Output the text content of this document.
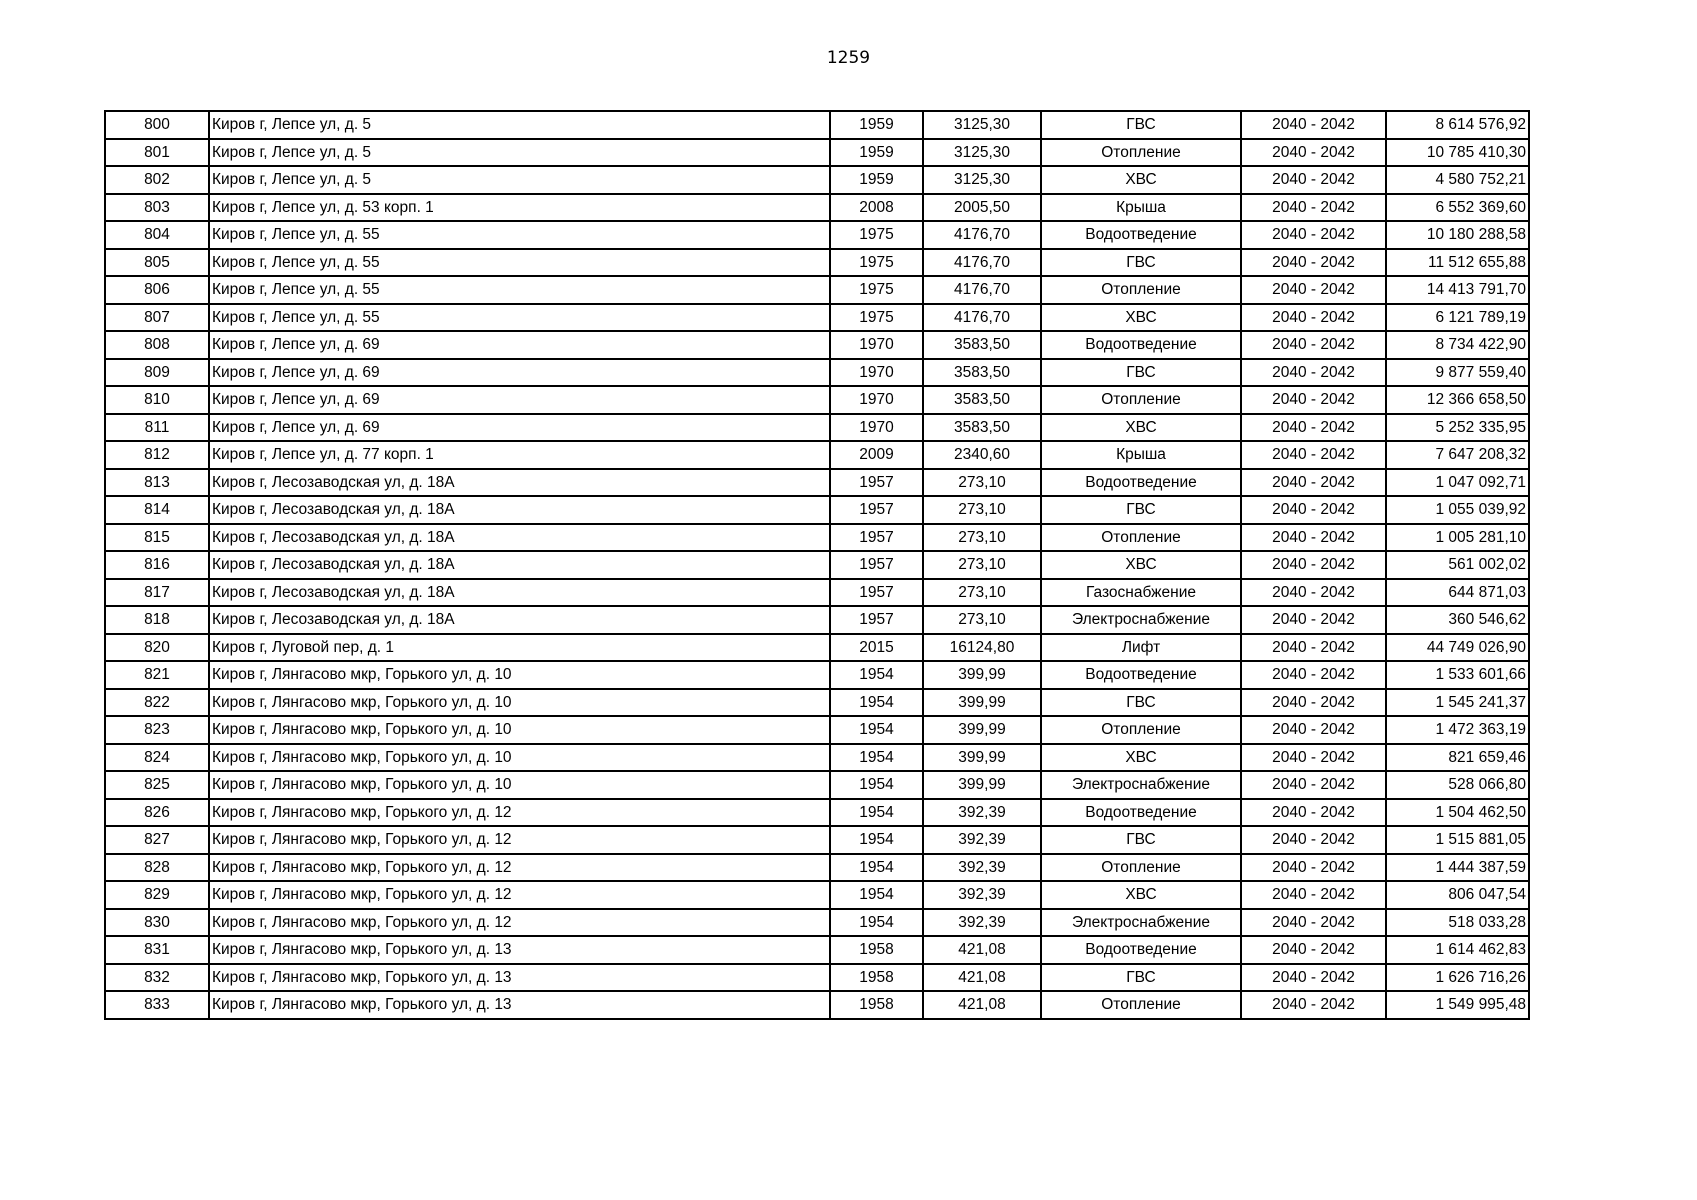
1259
800	Киров г, Лепсе ул, д. 5	1959	3125,30	ГВС	2040 - 2042	8 614 576,92
801	Киров г, Лепсе ул, д. 5	1959	3125,30	Отопление	2040 - 2042	10 785 410,30
802	Киров г, Лепсе ул, д. 5	1959	3125,30	ХВС	2040 - 2042	4 580 752,21
803	Киров г, Лепсе ул, д. 53 корп. 1	2008	2005,50	Крыша	2040 - 2042	6 552 369,60
804	Киров г, Лепсе ул, д. 55	1975	4176,70	Водоотведение	2040 - 2042	10 180 288,58
805	Киров г, Лепсе ул, д. 55	1975	4176,70	ГВС	2040 - 2042	11 512 655,88
806	Киров г, Лепсе ул, д. 55	1975	4176,70	Отопление	2040 - 2042	14 413 791,70
807	Киров г, Лепсе ул, д. 55	1975	4176,70	ХВС	2040 - 2042	6 121 789,19
808	Киров г, Лепсе ул, д. 69	1970	3583,50	Водоотведение	2040 - 2042	8 734 422,90
809	Киров г, Лепсе ул, д. 69	1970	3583,50	ГВС	2040 - 2042	9 877 559,40
810	Киров г, Лепсе ул, д. 69	1970	3583,50	Отопление	2040 - 2042	12 366 658,50
811	Киров г, Лепсе ул, д. 69	1970	3583,50	ХВС	2040 - 2042	5 252 335,95
812	Киров г, Лепсе ул, д. 77 корп. 1	2009	2340,60	Крыша	2040 - 2042	7 647 208,32
813	Киров г, Лесозаводская ул, д. 18А	1957	273,10	Водоотведение	2040 - 2042	1 047 092,71
814	Киров г, Лесозаводская ул, д. 18А	1957	273,10	ГВС	2040 - 2042	1 055 039,92
815	Киров г, Лесозаводская ул, д. 18А	1957	273,10	Отопление	2040 - 2042	1 005 281,10
816	Киров г, Лесозаводская ул, д. 18А	1957	273,10	ХВС	2040 - 2042	561 002,02
817	Киров г, Лесозаводская ул, д. 18А	1957	273,10	Газоснабжение	2040 - 2042	644 871,03
818	Киров г, Лесозаводская ул, д. 18А	1957	273,10	Электроснабжение	2040 - 2042	360 546,62
820	Киров г, Луговой пер, д. 1	2015	16124,80	Лифт	2040 - 2042	44 749 026,90
821	Киров г, Лянгасово мкр, Горького ул, д. 10	1954	399,99	Водоотведение	2040 - 2042	1 533 601,66
822	Киров г, Лянгасово мкр, Горького ул, д. 10	1954	399,99	ГВС	2040 - 2042	1 545 241,37
823	Киров г, Лянгасово мкр, Горького ул, д. 10	1954	399,99	Отопление	2040 - 2042	1 472 363,19
824	Киров г, Лянгасово мкр, Горького ул, д. 10	1954	399,99	ХВС	2040 - 2042	821 659,46
825	Киров г, Лянгасово мкр, Горького ул, д. 10	1954	399,99	Электроснабжение	2040 - 2042	528 066,80
826	Киров г, Лянгасово мкр, Горького ул, д. 12	1954	392,39	Водоотведение	2040 - 2042	1 504 462,50
827	Киров г, Лянгасово мкр, Горького ул, д. 12	1954	392,39	ГВС	2040 - 2042	1 515 881,05
828	Киров г, Лянгасово мкр, Горького ул, д. 12	1954	392,39	Отопление	2040 - 2042	1 444 387,59
829	Киров г, Лянгасово мкр, Горького ул, д. 12	1954	392,39	ХВС	2040 - 2042	806 047,54
830	Киров г, Лянгасово мкр, Горького ул, д. 12	1954	392,39	Электроснабжение	2040 - 2042	518 033,28
831	Киров г, Лянгасово мкр, Горького ул, д. 13	1958	421,08	Водоотведение	2040 - 2042	1 614 462,83
832	Киров г, Лянгасово мкр, Горького ул, д. 13	1958	421,08	ГВС	2040 - 2042	1 626 716,26
833	Киров г, Лянгасово мкр, Горького ул, д. 13	1958	421,08	Отопление	2040 - 2042	1 549 995,48
